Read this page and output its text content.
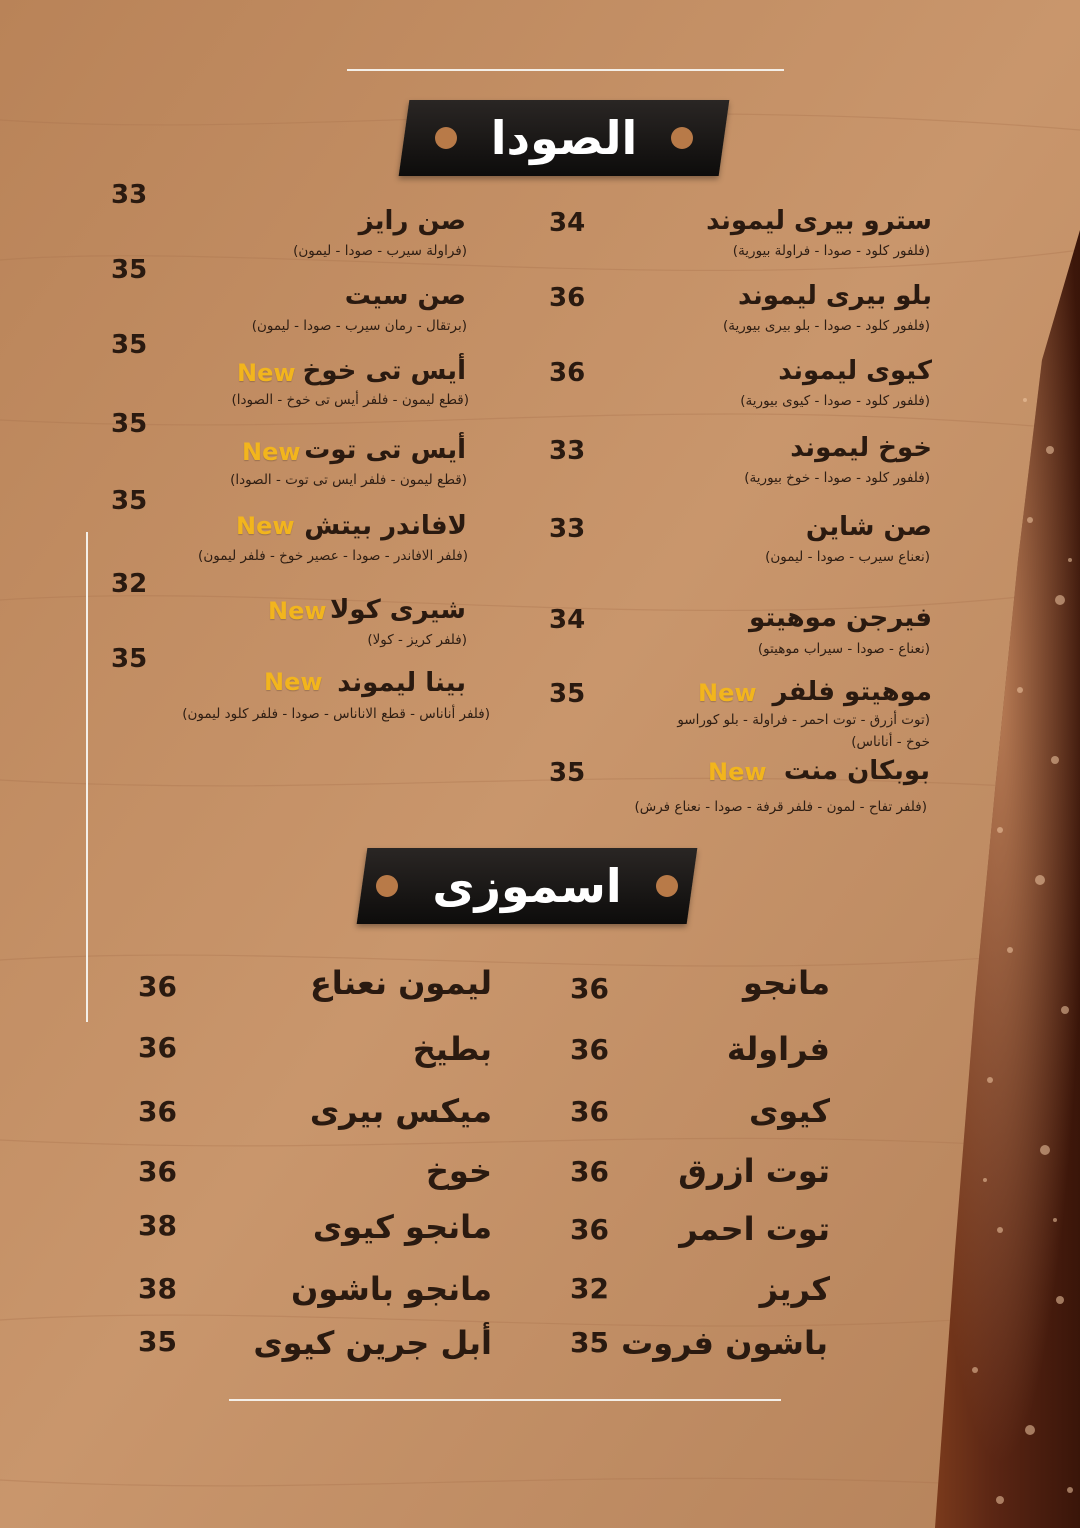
الصودا
سترو بيرى ليموند
(فلفور كلود - صودا - فراولة بيورية)
34
بلو بيرى ليموند
(فلفور كلود - صودا - بلو بيرى بيورية)
36
كيوى ليموند
(فلفور كلود - صودا - كيوى بيورية)
36
خوخ ليموند
(فلفور كلود - صودا - خوخ بيورية)
33
صن شاين
(نعناع سيرب - صودا - ليمون)
33
فيرجن موهيتو
(نعناع - صودا - سيراب موهيتو)
34
موهيتو فلفر
New
(توت أزرق - توت احمر - فراولة - بلو كوراسو
خوخ - أناناس)
35
بوبكان منت
New
(فلفر تفاح - لمون - فلفر قرفة - صودا - نعناع فرش)
35
33
صن رايز
(فراولة سيرب - صودا - ليمون)
35
صن سيت
(برتقال - رمان سيرب - صودا - ليمون)
35
أيس تى خوخ
New
(قطع ليمون - فلفر أيس تى خوخ - الصودا)
35
أيس تى توت
New
(قطع ليمون - فلفر ايس تى توت - الصودا)
35
لافاندر بيتش
New
(فلفر الافاندر - صودا - عصير خوخ - فلفر ليمون)
32
شيرى كولا
New
(فلفر كريز - كولا)
35
بينا ليموند
New
(فلفر أناناس - قطع الاناناس - صودا - فلفر كلود ليمون)
اسموزى
مانجو
36
فراولة
36
كيوى
36
توت ازرق
36
توت احمر
36
كريز
32
باشون فروت
35
ليمون نعناع
36
بطيخ
36
ميكس بيرى
36
خوخ
36
مانجو كيوى
38
مانجو باشون
38
أبل جرين كيوى
35
